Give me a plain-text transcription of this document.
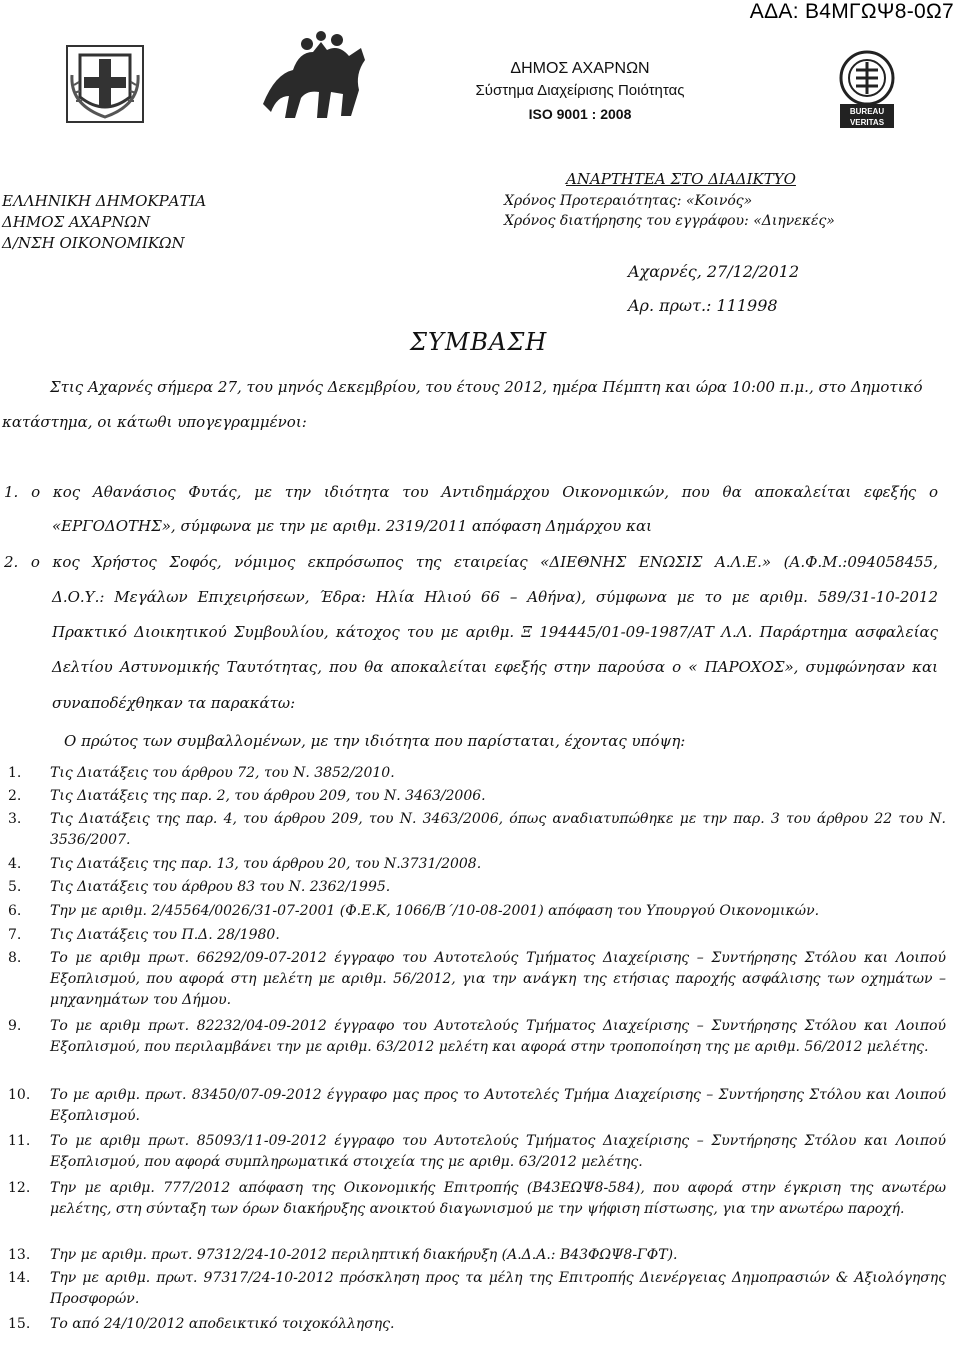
ΑΔΑ: Β4ΜΓΩΨ8-0Ω7
BUREAU
VERITAS
ΔΗΜΟΣ ΑΧΑΡΝΩΝ
Σύστημα Διαχείρισης Ποιότητας
ISO 9001 : 2008
ΕΛΛΗΝΙΚΗ ΔΗΜΟΚΡΑΤΙΑ
ΔΗΜΟΣ ΑΧΑΡΝΩΝ
Δ/ΝΣΗ ΟΙΚΟΝΟΜΙΚΩΝ
ΑΝΑΡΤΗΤΕΑ ΣΤΟ ΔΙΑΔΙΚΤΥΟ
Χρόνος Προτεραιότητας: «Κοινός»
Χρόνος διατήρησης του εγγράφου: «Διηνεκές»
Αχαρνές, 27/12/2012
Αρ. πρωτ.: 111998
ΣΥΜΒΑΣΗ
Στις Αχαρνές σήμερα 27, του μηνός Δεκεμβρίου, του έτους 2012, ημέρα Πέμπτη και ώρα 10:00 π.μ., στο Δημοτικό
κατάστημα, οι κάτωθι υπογεγραμμένοι:
1. ο κος Αθανάσιος Φυτάς, με την ιδιότητα του Αντιδημάρχου Οικονομικών, που θα αποκαλείται εφεξής ο
«ΕΡΓΟΔΟΤΗΣ», σύμφωνα με την με αριθμ. 2319/2011 απόφαση Δημάρχου και
2. ο κος Χρήστος Σοφός, νόμιμος εκπρόσωπος της εταιρείας «ΔΙΕΘΝΗΣ ΕΝΩΣΙΣ Α.Λ.Ε.» (Α.Φ.Μ.:094058455,
Δ.Ο.Υ.: Μεγάλων Επιχειρήσεων, Έδρα: Ηλία Ηλιού 66 – Αθήνα), σύμφωνα με το με αριθμ. 589/31-10-2012
Πρακτικό Διοικητικού Συμβουλίου, κάτοχος του με αριθμ. Ξ 194445/01-09-1987/ΑΤ Λ.Λ. Παράρτημα ασφαλείας
Δελτίου Αστυνομικής Ταυτότητας, που θα αποκαλείται εφεξής στην παρούσα ο « ΠΑΡΟΧΟΣ», συμφώνησαν και
συναποδέχθηκαν τα παρακάτω:
Ο πρώτος των συμβαλλομένων, με την ιδιότητα που παρίσταται, έχοντας υπόψη:
1.	Τις Διατάξεις του άρθρου 72, του Ν. 3852/2010.
2.	Τις Διατάξεις της παρ. 2, του άρθρου 209, του Ν. 3463/2006.
3.	Τις Διατάξεις της παρ. 4, του άρθρου 209, του Ν. 3463/2006, όπως αναδιατυπώθηκε με την παρ. 3 του άρθρου 22 του Ν. 3536/2007.
4.	Τις Διατάξεις της παρ. 13, του άρθρου 20, του Ν.3731/2008.
5.	Τις Διατάξεις του άρθρου 83 του Ν. 2362/1995.
6.	Την με αριθμ. 2/45564/0026/31-07-2001 (Φ.Ε.Κ, 1066/Β΄/10-08-2001) απόφαση του Υπουργού Οικονομικών.
7.	Τις Διατάξεις του Π.Δ. 28/1980.
8.	Το με αριθμ πρωτ. 66292/09-07-2012 έγγραφο του Αυτοτελούς Τμήματος Διαχείρισης – Συντήρησης Στόλου και Λοιπού Εξοπλισμού, που αφορά στη μελέτη με αριθμ. 56/2012, για την ανάγκη της ετήσιας παροχής ασφάλισης των οχημάτων – μηχανημάτων του Δήμου.
9.	Το με αριθμ πρωτ. 82232/04-09-2012 έγγραφο του Αυτοτελούς Τμήματος Διαχείρισης – Συντήρησης Στόλου και Λοιπού Εξοπλισμού, που περιλαμβάνει την με αριθμ. 63/2012 μελέτη και αφορά στην τροποποίηση της με αριθμ. 56/2012 μελέτης.
10.	Το με αριθμ. πρωτ. 83450/07-09-2012 έγγραφο μας προς το Αυτοτελές Τμήμα Διαχείρισης – Συντήρησης Στόλου και Λοιπού Εξοπλισμού.
11.	Το με αριθμ πρωτ. 85093/11-09-2012 έγγραφο του Αυτοτελούς Τμήματος Διαχείρισης – Συντήρησης Στόλου και Λοιπού Εξοπλισμού, που αφορά συμπληρωματικά στοιχεία της με αριθμ. 63/2012 μελέτης.
12.	Την με αριθμ. 777/2012 απόφαση της Οικονομικής Επιτροπής (Β43ΕΩΨ8-584), που αφορά στην έγκριση της ανωτέρω μελέτης, στη σύνταξη των όρων διακήρυξης ανοικτού διαγωνισμού με την ψήφιση πίστωσης, για την ανωτέρω παροχή.
13.	Την με αριθμ. πρωτ. 97312/24-10-2012 περιληπτική διακήρυξη (Α.Δ.Α.: Β43ΦΩΨ8-ΓΦΤ).
14.	Την με αριθμ. πρωτ. 97317/24-10-2012 πρόσκληση προς τα μέλη της Επιτροπής Διενέργειας Δημοπρασιών & Αξιολόγησης Προσφορών.
15.	Το από 24/10/2012 αποδεικτικό τοιχοκόλλησης.
